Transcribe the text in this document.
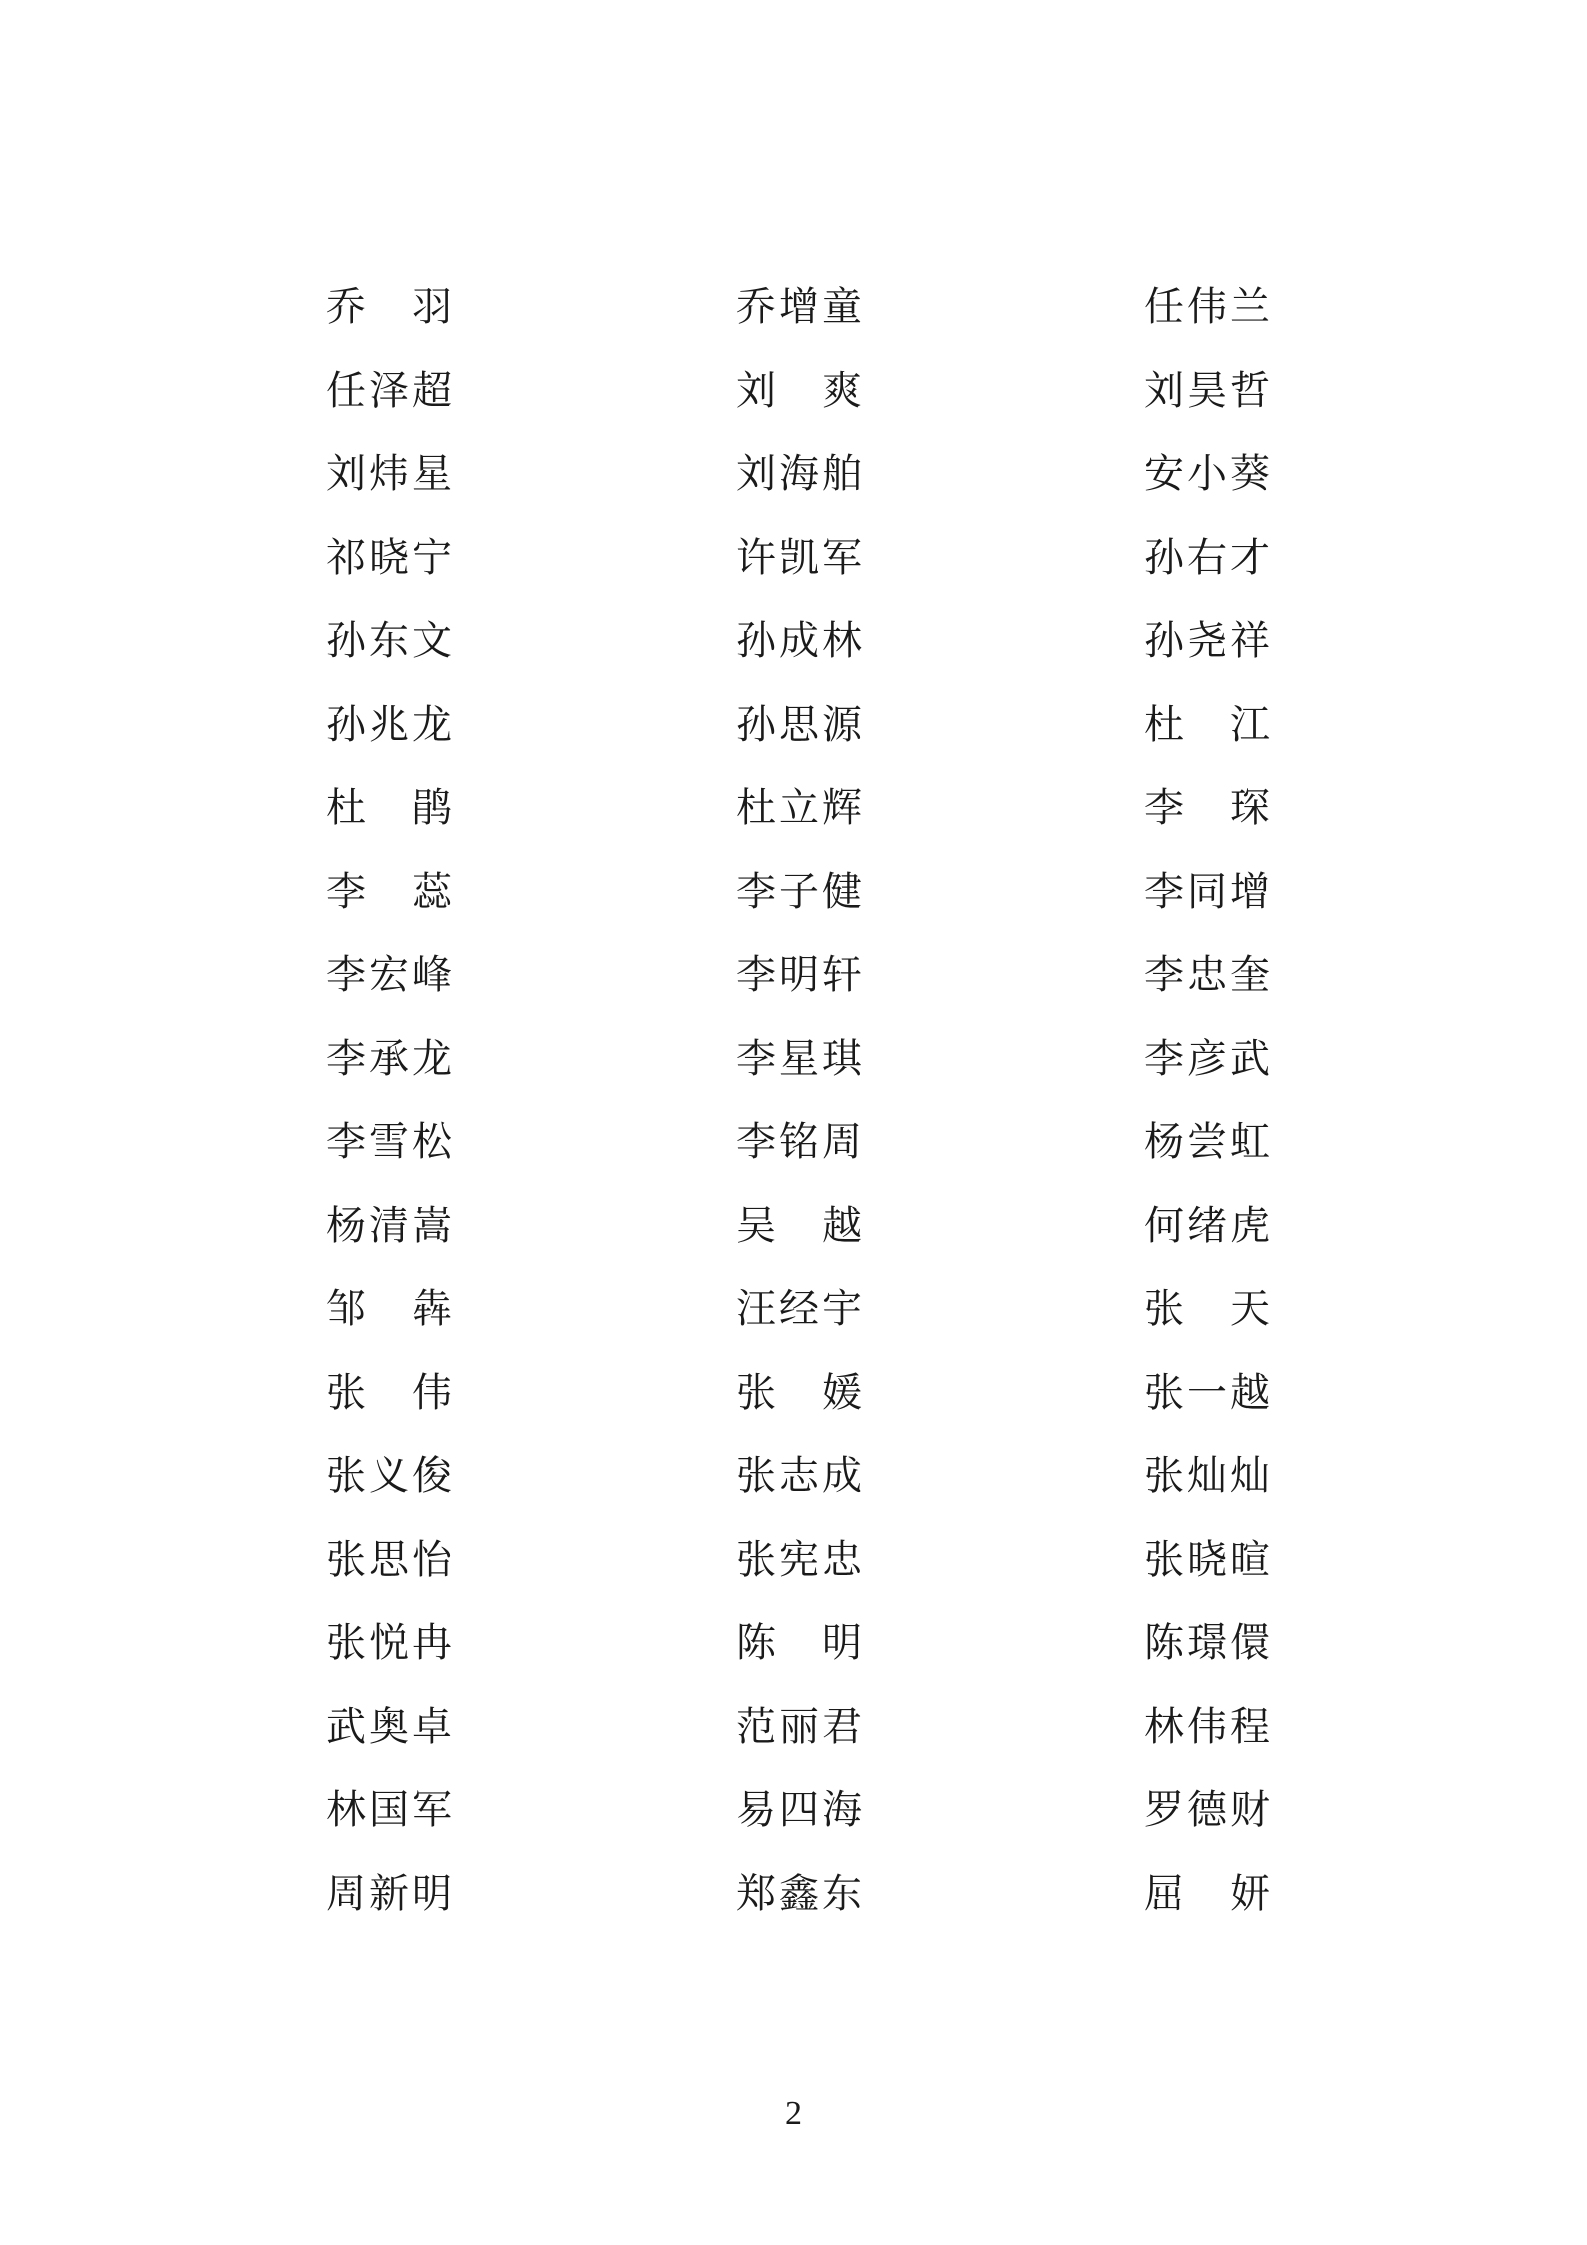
乔 羽	乔增童	任伟兰
任泽超	刘 爽	刘昊哲
刘炜星	刘海舶	安小葵
祁晓宁	许凯军	孙右才
孙东文	孙成林	孙尧祥
孙兆龙	孙思源	杜 江
杜 鹃	杜立辉	李 琛
李 蕊	李子健	李同增
李宏峰	李明轩	李忠奎
李承龙	李星琪	李彦武
李雪松	李铭周	杨尝虹
杨清嵩	吴 越	何绪虎
邹 犇	汪经宇	张 天
张 伟	张 媛	张一越
张义俊	张志成	张灿灿
张思怡	张宪忠	张晓暄
张悦冉	陈 明	陈璟儇
武奥卓	范丽君	林伟程
林国军	易四海	罗德财
周新明	郑鑫东	屈 妍
2
